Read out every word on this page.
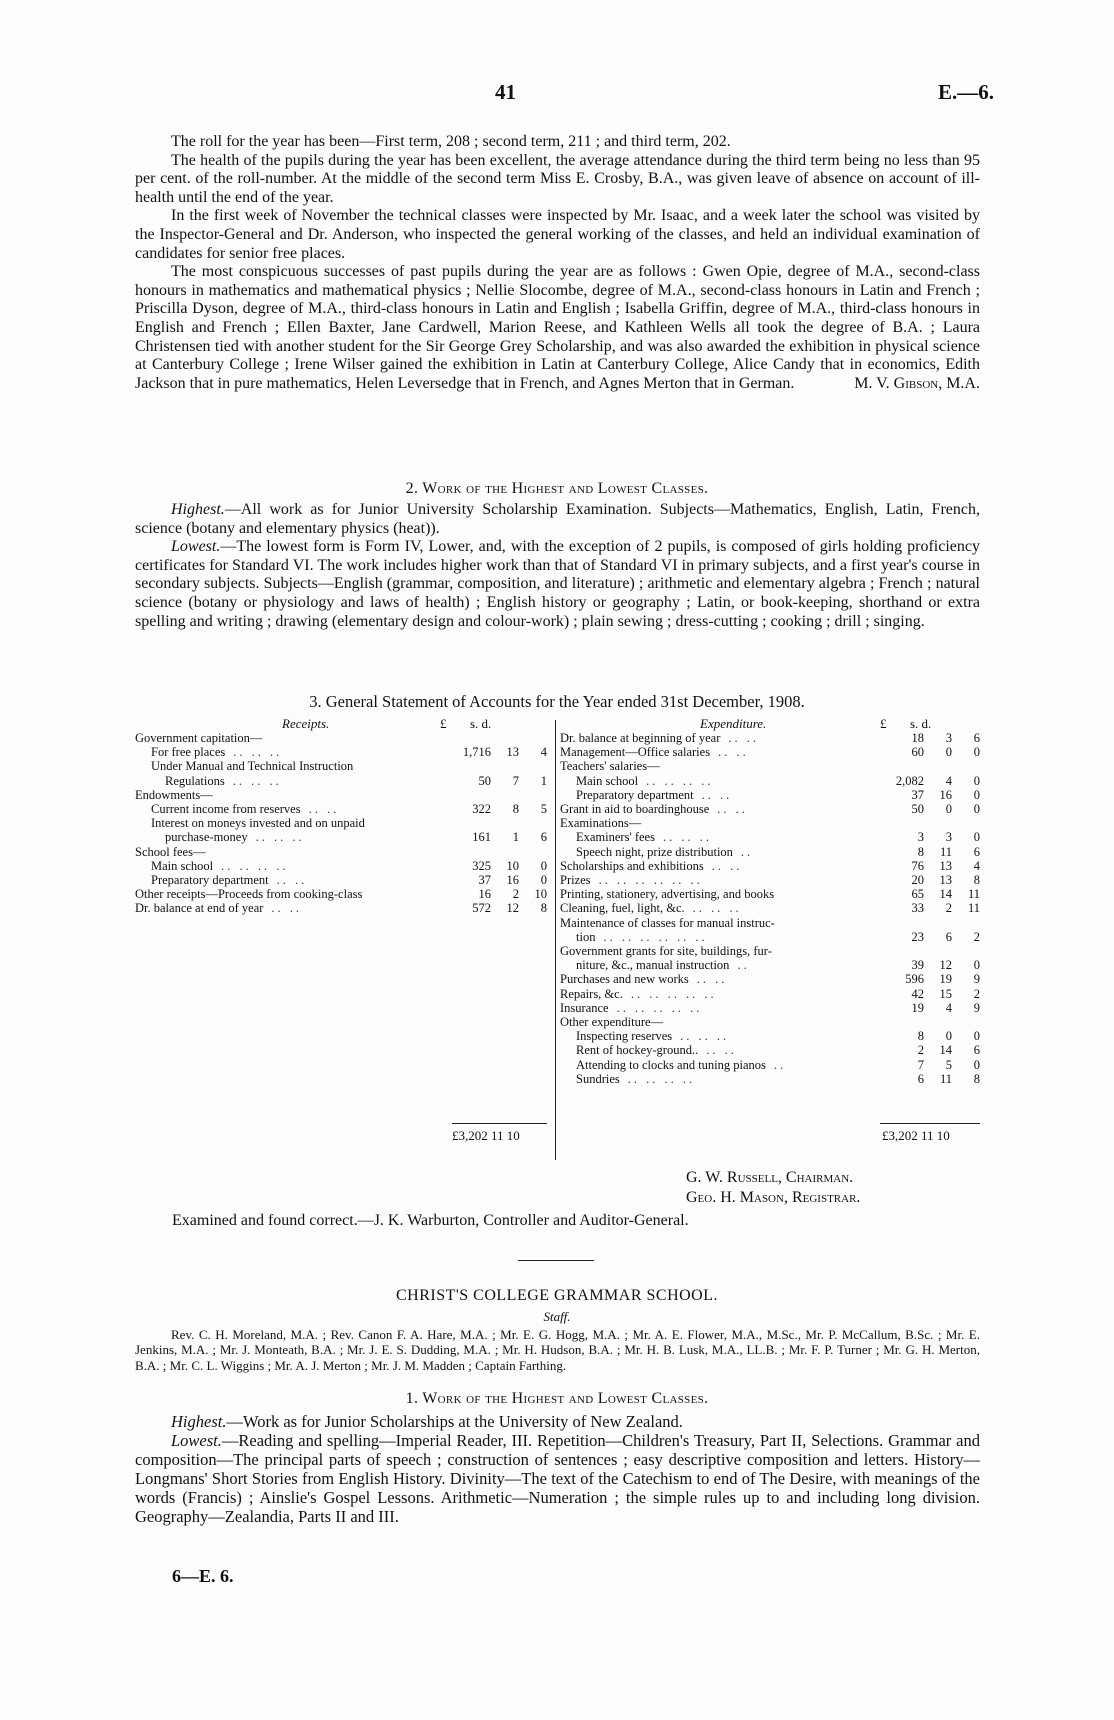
41	E.—6.

The roll for the year has been—First term, 208 ; second term, 211 ; and third term, 202.

The health of the pupils during the year has been excellent, the average attendance during the third term being no less than 95 per cent. of the roll-number. At the middle of the second term Miss E. Crosby, B.A., was given leave of absence on account of ill-health until the end of the year.

In the first week of November the technical classes were inspected by Mr. Isaac, and a week later the school was visited by the Inspector-General and Dr. Anderson, who inspected the general working of the classes, and held an individual examination of candidates for senior free places.

The most conspicuous successes of past pupils during the year are as follows : Gwen Opie, degree of M.A., second-class honours in mathematics and mathematical physics ; Nellie Slocombe, degree of M.A., second-class honours in Latin and French ; Priscilla Dyson, degree of M.A., third-class honours in Latin and English ; Isabella Griffin, degree of M.A., third-class honours in English and French ; Ellen Baxter, Jane Cardwell, Marion Reese, and Kathleen Wells all took the degree of B.A. ; Laura Christensen tied with another student for the Sir George Grey Scholarship, and was also awarded the exhibition in physical science at Canterbury College ; Irene Wilser gained the exhibition in Latin at Canterbury College, Alice Candy that in economics, Edith Jackson that in pure mathematics, Helen Leversedge that in French, and Agnes Merton that in German.	M. V. Gibson, M.A.
2. Work of the Highest and Lowest Classes.

Highest.—All work as for Junior University Scholarship Examination. Subjects—Mathematics, English, Latin, French, science (botany and elementary physics (heat)).

Lowest.—The lowest form is Form IV, Lower, and, with the exception of 2 pupils, is composed of girls holding proficiency certificates for Standard VI. The work includes higher work than that of Standard VI in primary subjects, and a first year's course in secondary subjects. Subjects—English (grammar, composition, and literature) ; arithmetic and elementary algebra ; French ; natural science (botany or physiology and laws of health) ; English history or geography ; Latin, or book-keeping, shorthand or extra spelling and writing ; drawing (elementary design and colour-work) ; plain sewing ; dress-cutting ; cooking ; drill ; singing.

3. General Statement of Accounts for the Year ended 31st December, 1908.
Receipts.	£ s. d.	Expenditure.	£ s. d.
Government capitation—			
For free places .. .. ..	1,716	13	4
Under Manual and Technical Instruction			
Regulations .. .. ..	50	7	1
Endowments—			
Current income from reserves .. ..	322	8	5
Interest on moneys invested and on unpaid			
purchase-money .. .. ..	161	1	6
School fees—			
Main school .. .. .. ..	325	10	0
Preparatory department .. ..	37	16	0
Other receipts—Proceeds from cooking-class	16	2	10
Dr. balance at end of year .. ..	572	12	8
Dr. balance at beginning of year .. ..	18	3	6
Management—Office salaries .. ..	60	0	0
Teachers' salaries—			
Main school .. .. .. ..	2,082	4	0
Preparatory department .. ..	37	16	0
Grant in aid to boardinghouse .. ..	50	0	0
Examinations—			
Examiners' fees .. .. ..	3	3	0
Speech night, prize distribution ..	8	11	6
Scholarships and exhibitions .. ..	76	13	4
Prizes .. .. .. .. .. ..	20	13	8
Printing, stationery, advertising, and books	65	14	11
Cleaning, fuel, light, &c. .. .. ..	33	2	11
Maintenance of classes for manual instruc-			
tion .. .. .. .. .. ..	23	6	2
Government grants for site, buildings, fur-			
niture, &c., manual instruction ..	39	12	0
Purchases and new works .. ..	596	19	9
Repairs, &c. .. .. .. .. ..	42	15	2
Insurance .. .. .. .. ..	19	4	9
Other expenditure—			
Inspecting reserves .. .. ..	8	0	0
Rent of hockey-ground.. .. ..	2	14	6
Attending to clocks and tuning pianos ..	7	5	0
Sundries .. .. .. ..	6	11	8
£3,202 11 10	£3,202 11 10
G. W. Russell, Chairman.
Geo. H. Mason, Registrar.
Examined and found correct.—J. K. Warburton, Controller and Auditor-General.
CHRIST'S COLLEGE GRAMMAR SCHOOL.
Staff.

Rev. C. H. Moreland, M.A. ; Rev. Canon F. A. Hare, M.A. ; Mr. E. G. Hogg, M.A. ; Mr. A. E. Flower, M.A., M.Sc., Mr. P. McCallum, B.Sc. ; Mr. E. Jenkins, M.A. ; Mr. J. Monteath, B.A. ; Mr. J. E. S. Dudding, M.A. ; Mr. H. Hudson, B.A. ; Mr. H. B. Lusk, M.A., LL.B. ; Mr. F. P. Turner ; Mr. G. H. Merton, B.A. ; Mr. C. L. Wiggins ; Mr. A. J. Merton ; Mr. J. M. Madden ; Captain Farthing.

1. Work of the Highest and Lowest Classes.

Highest.—Work as for Junior Scholarships at the University of New Zealand.

Lowest.—Reading and spelling—Imperial Reader, III. Repetition—Children's Treasury, Part II, Selections. Grammar and composition—The principal parts of speech ; construction of sentences ; easy descriptive composition and letters. History—Longmans' Short Stories from English History. Divinity—The text of the Catechism to end of The Desire, with meanings of the words (Francis) ; Ainslie's Gospel Lessons. Arithmetic—Numeration ; the simple rules up to and including long division. Geography—Zealandia, Parts II and III.

6—E. 6.
